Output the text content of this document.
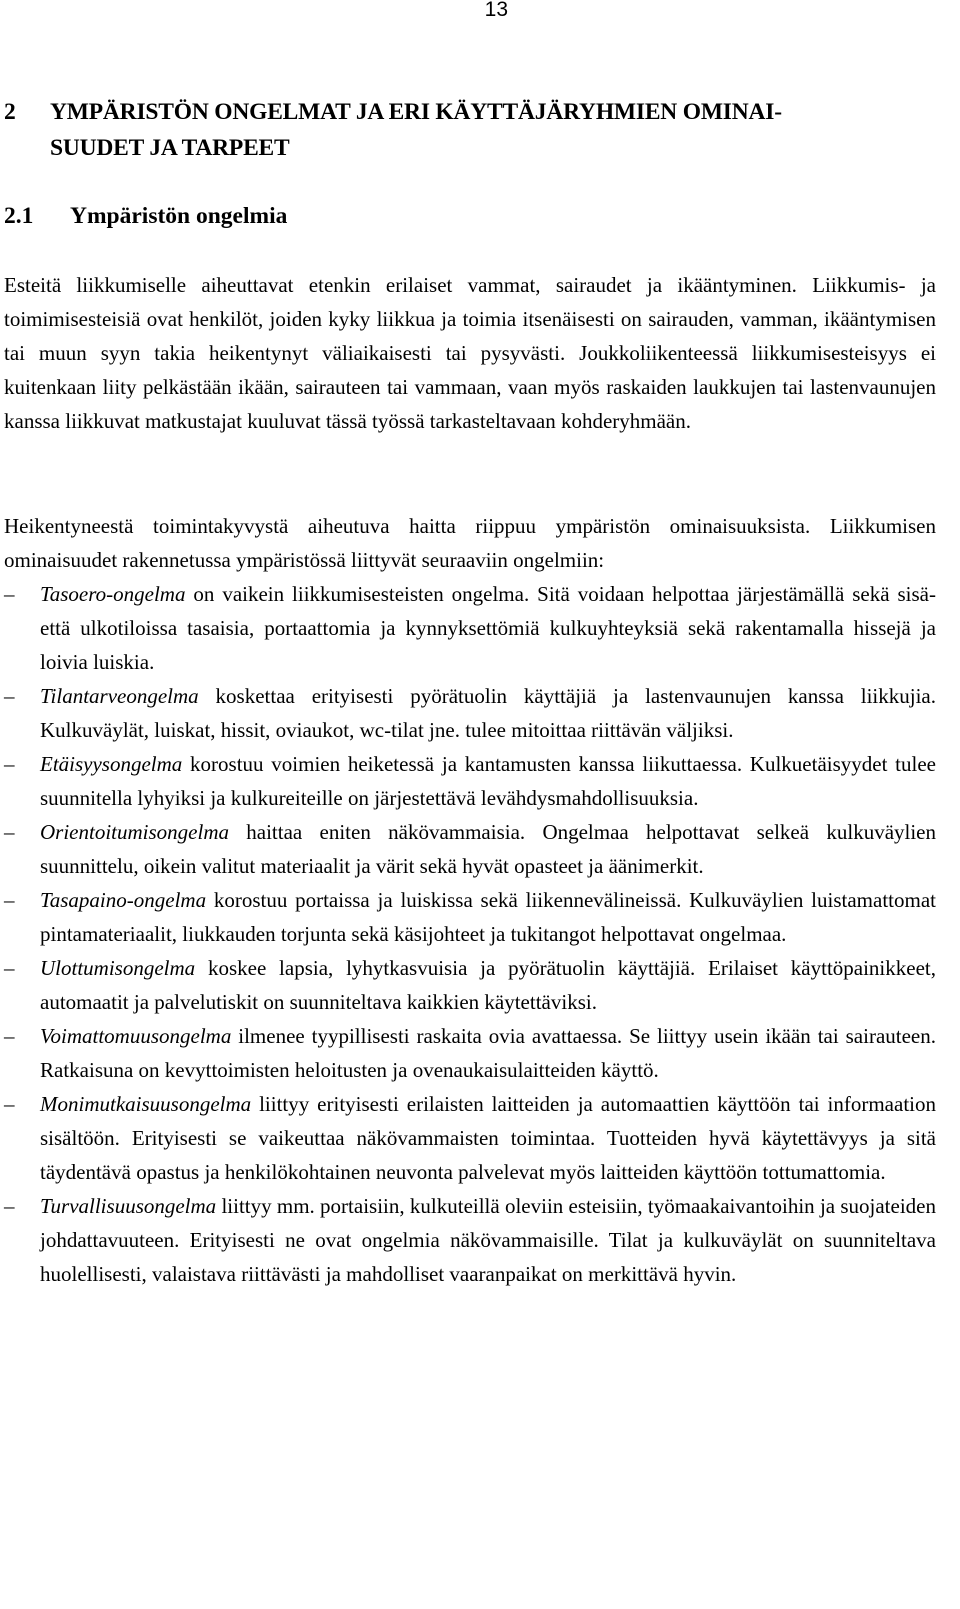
13
2 YMPÄRISTÖN ONGELMAT JA ERI KÄYTTÄJÄRYHMIEN OMINAI-
SUUDET JA TARPEET
2.1 Ympäristön ongelmia

Esteitä liikkumiselle aiheuttavat etenkin erilaiset vammat, sairaudet ja ikääntyminen. Liikkumis- ja toimimisesteisiä ovat henkilöt, joiden kyky liikkua ja toimia itsenäisesti on sairauden, vamman, ikääntymisen tai muun syyn takia heikentynyt väliaikaisesti tai pysyvästi. Joukkoliikenteessä liikkumisesteisyys ei kuitenkaan liity pelkästään ikään, sairauteen tai vammaan, vaan myös raskaiden laukkujen tai lastenvaunujen kanssa liikkuvat matkustajat kuuluvat tässä työssä tarkasteltavaan kohderyhmään.

Heikentyneestä toimintakyvystä aiheutuva haitta riippuu ympäristön ominaisuuksista. Liikkumisen ominaisuudet rakennetussa ympäristössä liittyvät seuraaviin ongelmiin:

–	Tasoero-ongelma on vaikein liikkumisesteisten ongelma. Sitä voidaan helpottaa järjestämällä sekä sisä- että ulkotiloissa tasaisia, portaattomia ja kynnyksettömiä kulkuyhteyksiä sekä rakentamalla hissejä ja loivia luiskia.
–	Tilantarveongelma koskettaa erityisesti pyörätuolin käyttäjiä ja lastenvaunujen kanssa liikkujia. Kulkuväylät, luiskat, hissit, oviaukot, wc-tilat jne. tulee mitoittaa riittävän väljiksi.
–	Etäisyysongelma korostuu voimien heiketessä ja kantamusten kanssa liikuttaessa. Kulkuetäisyydet tulee suunnitella lyhyiksi ja kulkureiteille on järjestettävä levähdysmahdollisuuksia.
–	Orientoitumisongelma haittaa eniten näkövammaisia. Ongelmaa helpottavat selkeä kulkuväylien suunnittelu, oikein valitut materiaalit ja värit sekä hyvät opasteet ja äänimerkit.
–	Tasapaino-ongelma korostuu portaissa ja luiskissa sekä liikennevälineissä. Kulkuväylien luistamattomat pintamateriaalit, liukkauden torjunta sekä käsijohteet ja tukitangot helpottavat ongelmaa.
–	Ulottumisongelma koskee lapsia, lyhytkasvuisia ja pyörätuolin käyttäjiä. Erilaiset käyttöpainikkeet, automaatit ja palvelutiskit on suunniteltava kaikkien käytettäviksi.
–	Voimattomuusongelma ilmenee tyypillisesti raskaita ovia avattaessa. Se liittyy usein ikään tai sairauteen. Ratkaisuna on kevyttoimisten heloitusten ja ovenaukaisulaitteiden käyttö.
–	Monimutkaisuusongelma liittyy erityisesti erilaisten laitteiden ja automaattien käyttöön tai informaation sisältöön. Erityisesti se vaikeuttaa näkövammaisten toimintaa. Tuotteiden hyvä käytettävyys ja sitä täydentävä opastus ja henkilökohtainen neuvonta palvelevat myös laitteiden käyttöön tottumattomia.
–	Turvallisuusongelma liittyy mm. portaisiin, kulkuteillä oleviin esteisiin, työmaakaivantoihin ja suojateiden johdattavuuteen. Erityisesti ne ovat ongelmia näkövammaisille. Tilat ja kulkuväylät on suunniteltava huolellisesti, valaistava riittävästi ja mahdolliset vaaranpaikat on merkittävä hyvin.
